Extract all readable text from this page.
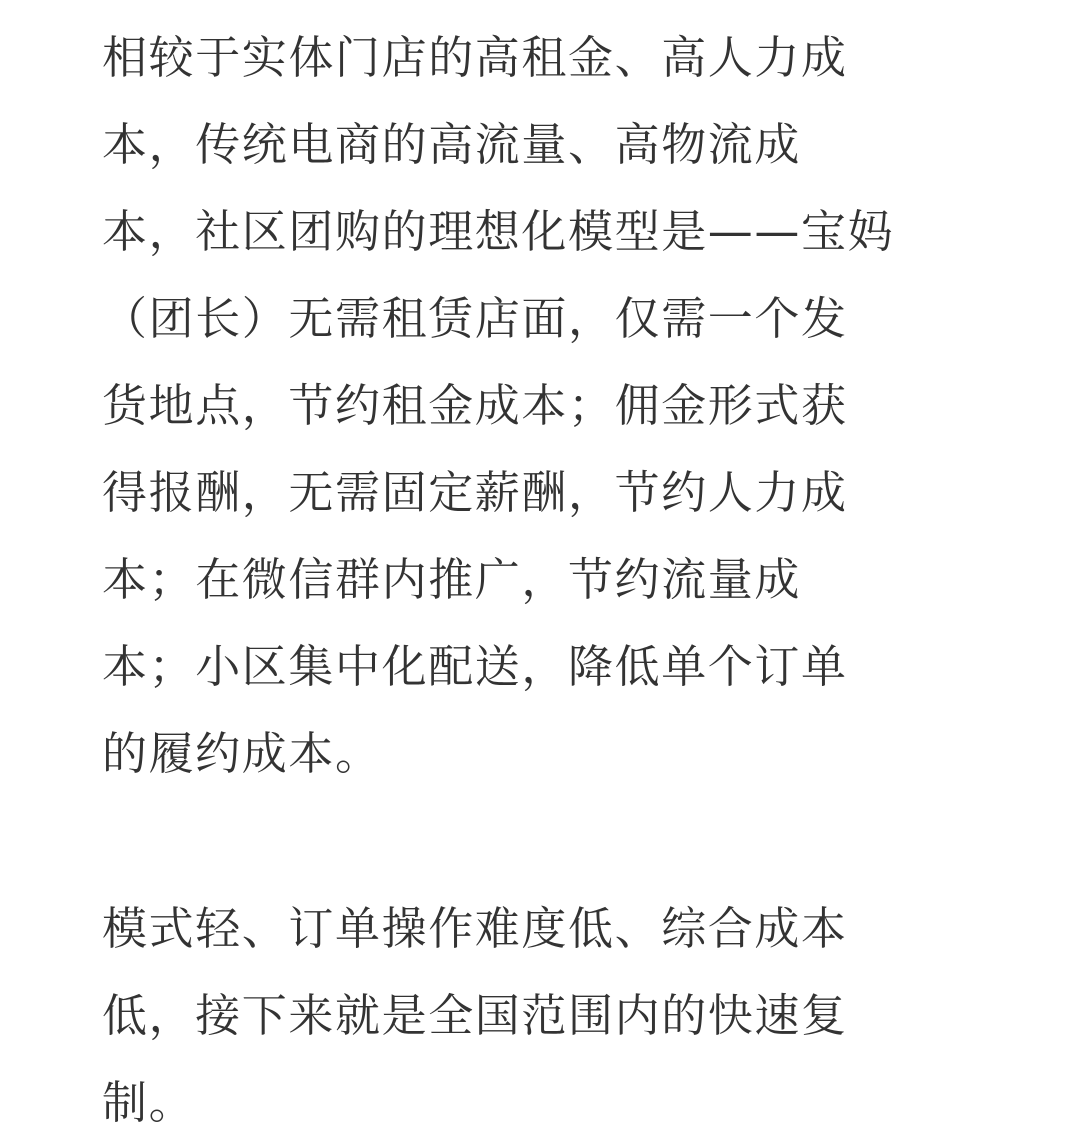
相较于实体门店的高租金、高人力成
本，传统电商的高流量、高物流成
本，社区团购的理想化模型是——宝妈
（团长）无需租赁店面，仅需一个发
货地点，节约租金成本；佣金形式获
得报酬，无需固定薪酬，节约人力成
本；在微信群内推广，节约流量成
本；小区集中化配送，降低单个订单
的履约成本。
模式轻、订单操作难度低、综合成本
低，接下来就是全国范围内的快速复
制。
